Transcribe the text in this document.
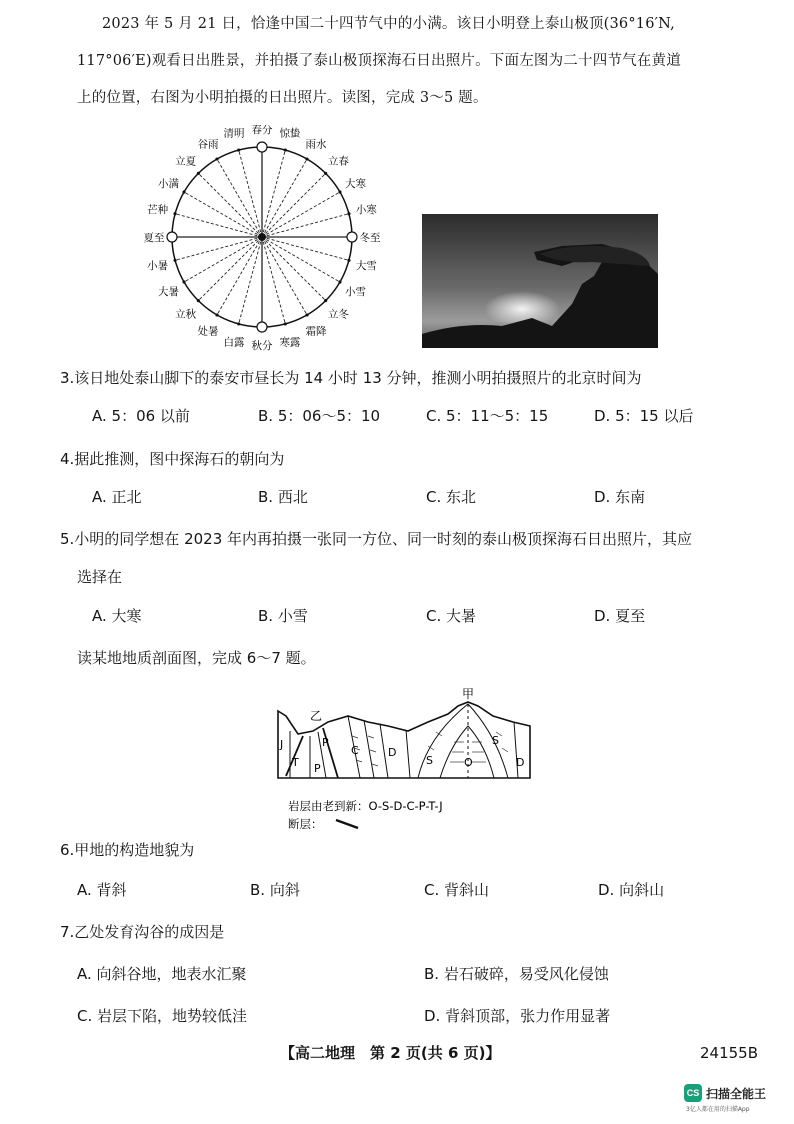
2023 年 5 月 21 日，恰逢中国二十四节气中的小满。该日小明登上泰山极顶(36°16′N,
117°06′E)观看日出胜景，并拍摄了泰山极顶探海石日出照片。下面左图为二十四节气在黄道
上的位置，右图为小明拍摄的日出照片。读图，完成 3～5 题。
春分 惊蛰
雨水
立春
大寒
小寒
冬至
大雪
小雪
立冬
霜降
寒露
秋分
白露
处暑
立秋
大暑
小暑
夏至
芒种
小满
立夏
谷雨
清明
3.该日地处泰山脚下的泰安市昼长为 14 小时 13 分钟，推测小明拍摄照片的北京时间为
A. 5：06 以前	B. 5：06～5：10	C. 5：11～5：15	D. 5：15 以后
4.据此推测，图中探海石的朝向为
A. 正北	B. 西北	C. 东北	D. 东南
5.小明的同学想在 2023 年内再拍摄一张同一方位、同一时刻的泰山极顶探海石日出照片，其应
选择在
A. 大寒	B. 小雪	C. 大暑	D. 夏至
读某地地质剖面图，完成 6～7 题。
甲
乙
J
T
P
P
C	D
S	O
S
D
岩层由老到新：O-S-D-C-P-T-J
断层：
6.甲地的构造地貌为
A. 背斜	B. 向斜	C. 背斜山	D. 向斜山
7.乙处发育沟谷的成因是
A. 向斜谷地，地表水汇聚	B. 岩石破碎，易受风化侵蚀
C. 岩层下陷，地势较低洼	D. 背斜顶部，张力作用显著
【高二地理　第 2 页(共 6 页)】	24155B
CS 扫描全能王
3亿人都在用的扫描App
